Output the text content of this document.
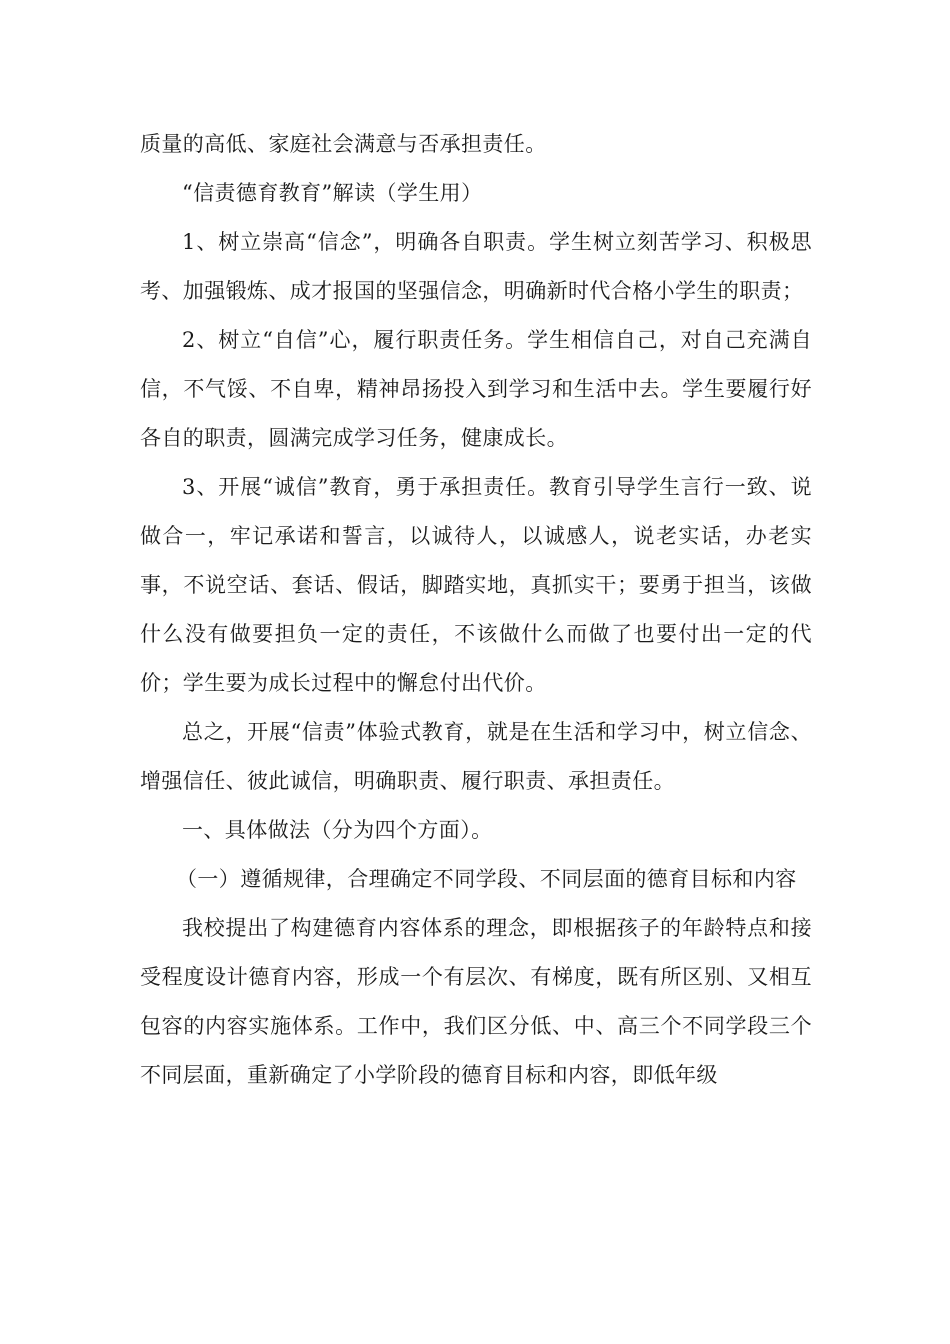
质量的高低、家庭社会满意与否承担责任。

“信责德育教育”解读（学生用）

1、树立崇高“信念”，明确各自职责。学生树立刻苦学习、积极思考、加强锻炼、成才报国的坚强信念，明确新时代合格小学生的职责；

2、树立“自信”心，履行职责任务。学生相信自己，对自己充满自信，不气馁、不自卑，精神昂扬投入到学习和生活中去。学生要履行好各自的职责，圆满完成学习任务，健康成长。

3、开展“诚信”教育，勇于承担责任。教育引导学生言行一致、说做合一，牢记承诺和誓言，以诚待人，以诚感人，说老实话，办老实事，不说空话、套话、假话，脚踏实地，真抓实干；要勇于担当，该做什么没有做要担负一定的责任，不该做什么而做了也要付出一定的代价；学生要为成长过程中的懈怠付出代价。

总之，开展“信责”体验式教育，就是在生活和学习中，树立信念、增强信任、彼此诚信，明确职责、履行职责、承担责任。

一、具体做法（分为四个方面）。

（一）遵循规律，合理确定不同学段、不同层面的德育目标和内容

我校提出了构建德育内容体系的理念，即根据孩子的年龄特点和接受程度设计德育内容，形成一个有层次、有梯度，既有所区别、又相互包容的内容实施体系。工作中，我们区分低、中、高三个不同学段三个不同层面，重新确定了小学阶段的德育目标和内容，即低年级
